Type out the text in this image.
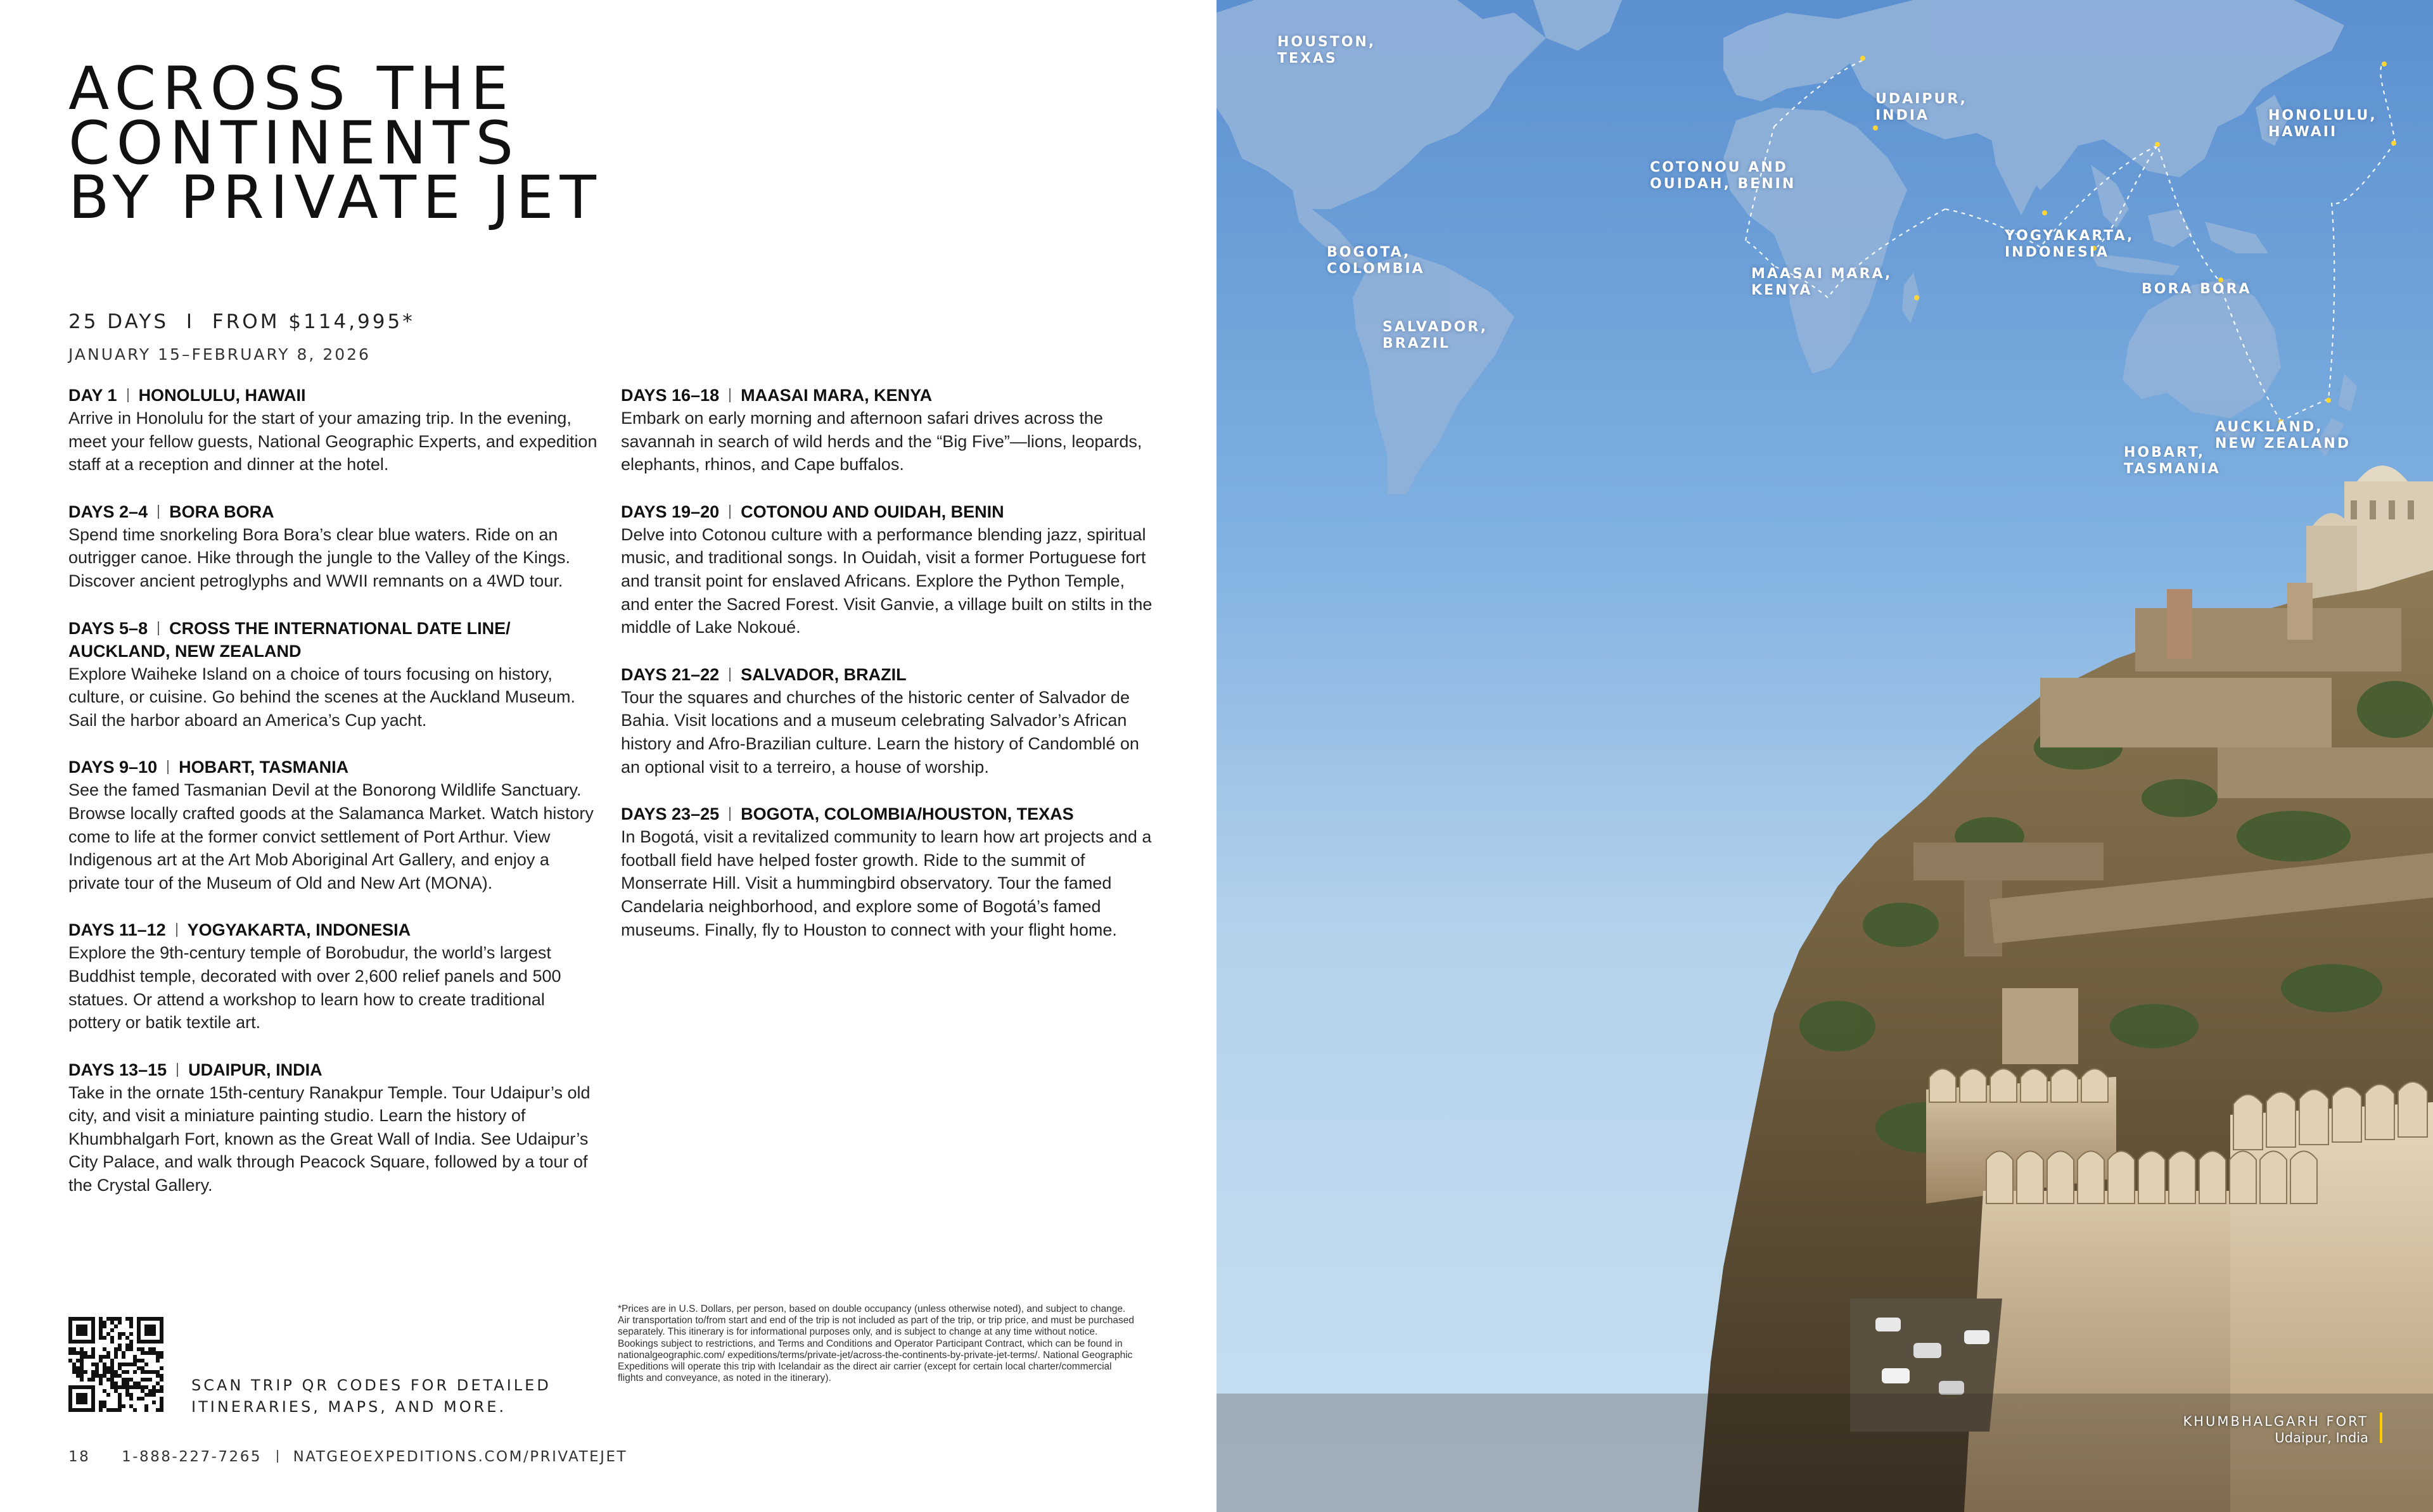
ACROSS THE
CONTINENTS
BY PRIVATE JET
25 DAYS I FROM $114,995*
JANUARY 15–FEBRUARY 8, 2026
DAY 1 HONOLULU, HAWAII
Arrive in Honolulu for the start of your amazing trip. In the evening, meet your fellow guests, National Geographic Experts, and expedition staff at a reception and dinner at the hotel.
DAYS 2–4 BORA BORA
Spend time snorkeling Bora Bora’s clear blue waters. Ride on an outrigger canoe. Hike through the jungle to the Valley of the Kings. Discover ancient petroglyphs and WWII remnants on a 4WD tour.
DAYS 5–8 CROSS THE INTERNATIONAL DATE LINE/ AUCKLAND, NEW ZEALAND
Explore Waiheke Island on a choice of tours focusing on history, culture, or cuisine. Go behind the scenes at the Auckland Museum. Sail the harbor aboard an America’s Cup yacht.
DAYS 9–10 HOBART, TASMANIA
See the famed Tasmanian Devil at the Bonorong Wildlife Sanctuary. Browse locally crafted goods at the Salamanca Market. Watch history come to life at the former convict settlement of Port Arthur. View Indigenous art at the Art Mob Aboriginal Art Gallery, and enjoy a private tour of the Museum of Old and New Art (MONA).
DAYS 11–12 YOGYAKARTA, INDONESIA
Explore the 9th-century temple of Borobudur, the world’s largest Buddhist temple, decorated with over 2,600 relief panels and 500 statues. Or attend a workshop to learn how to create traditional pottery or batik textile art.
DAYS 13–15 UDAIPUR, INDIA
Take in the ornate 15th-century Ranakpur Temple. Tour Udaipur’s old city, and visit a miniature painting studio. Learn the history of Khumbhalgarh Fort, known as the Great Wall of India. See Udaipur’s City Palace, and walk through Peacock Square, followed by a tour of the Crystal Gallery.
DAYS 16–18 MAASAI MARA, KENYA
Embark on early morning and afternoon safari drives across the savannah in search of wild herds and the “Big Five”—lions, leopards, elephants, rhinos, and Cape buffalos.
DAYS 19–20 COTONOU AND OUIDAH, BENIN
Delve into Cotonou culture with a performance blending jazz, spiritual music, and traditional songs. In Ouidah, visit a former Portuguese fort and transit point for enslaved Africans. Explore the Python Temple, and enter the Sacred Forest. Visit Ganvie, a village built on stilts in the middle of Lake Nokoué.
DAYS 21–22 SALVADOR, BRAZIL
Tour the squares and churches of the historic center of Salvador de Bahia. Visit locations and a museum celebrating Salvador’s African history and Afro-Brazilian culture. Learn the history of Candomblé on an optional visit to a terreiro, a house of worship.
DAYS 23–25 BOGOTA, COLOMBIA/HOUSTON, TEXAS
In Bogotá, visit a revitalized community to learn how art projects and a football field have helped foster growth. Ride to the summit of Monserrate Hill. Visit a hummingbird observatory. Tour the famed Candelaria neighborhood, and explore some of Bogotá’s famed museums. Finally, fly to Houston to connect with your flight home.
SCAN TRIP QR CODES FOR DETAILED
ITINERARIES, MAPS, AND MORE.
*Prices are in U.S. Dollars, per person, based on double occupancy (unless otherwise noted), and subject to change. Air transportation to/from start and end of the trip is not included as part of the trip, or trip price, and must be purchased separately. This itinerary is for informational purposes only, and is subject to change at any time without notice. Bookings subject to restrictions, and Terms and Conditions and Operator Participant Contract, which can be found in nationalgeographic.com/ expeditions/terms/private-jet/across-the-continents-by-private-jet-terms/. National Geographic Expeditions will operate this trip with Icelandair as the direct air carrier (except for certain local charter/commercial flights and conveyance, as noted in the itinerary).
18 1-888-227-7265 NATGEOEXPEDITIONS.COM/PRIVATEJET
HOUSTON,
TEXAS
BOGOTA,
COLOMBIA
SALVADOR,
BRAZIL
COTONOU AND
OUIDAH, BENIN
MAASAI MARA,
KENYA
UDAIPUR,
INDIA
YOGYAKARTA,
INDONESIA
BORA BORA
HONOLULU,
HAWAII
AUCKLAND,
NEW ZEALAND
HOBART,
TASMANIA
KHUMBHALGARH FORT
Udaipur, India
